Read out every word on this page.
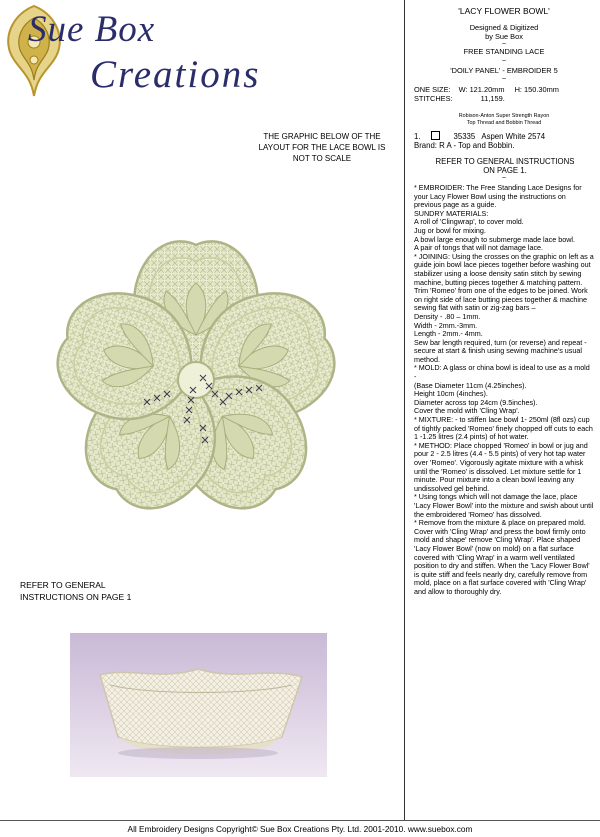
Sue Box
Creations
THE GRAPHIC BELOW OF THE LAYOUT FOR THE LACE BOWL IS NOT TO SCALE
REFER TO GENERAL INSTRUCTIONS ON PAGE 1
'LACY FLOWER BOWL'
Designed & Digitized
by Sue Box
~
FREE STANDING LACE
~
'DOILY PANEL' - EMBROIDER 5
~
ONE SIZE: W: 121.20mm H: 150.30mm
STITCHES:	11,159.
Robison-Anton Super Strength Rayon
Top Thread and Bobbin Thread
1.	35335 Aspen White 2574
Brand: R A - Top and Bobbin.
REFER TO GENERAL INSTRUCTIONS ON PAGE 1.
~

* EMBROIDER: The Free Standing Lace Designs for your Lacy Flower Bowl using the instructions on previous page as a guide.

SUNDRY MATERIALS:

A roll of 'Clingwrap', to cover mold.

Jug or bowl for mixing.

A bowl large enough to submerge made lace bowl.

A pair of tongs that will not damage lace.

* JOINING: Using the crosses on the graphic on left as a guide join bowl lace pieces together before washing out stabilizer using a loose density satin stitch by sewing machine, butting pieces together & matching pattern. Trim 'Romeo' from one of the edges to be joined. Work on right side of lace butting pieces together & machine sewing flat with satin or zig-zag bars –

Density - .80 – 1mm.

Width - 2mm.-3mm.

Length - 2mm.- 4mm.

Sew bar length required, turn (or reverse) and repeat - secure at start & finish using sewing machine's usual method.

* MOLD: A glass or china bowl is ideal to use as a mold -

(Base Diameter 11cm (4.25inches).

Height 10cm (4inches).

Diameter across top 24cm (9.5inches).

Cover the mold with 'Cling Wrap'.

* MIXTURE: - to stiffen lace bowl 1- 250ml (8fl ozs) cup of tightly packed 'Romeo' finely chopped off cuts to each 1 -1.25 litres (2.4 pints) of hot water.

* METHOD: Place chopped 'Romeo' in bowl or jug and pour 2 - 2.5 litres (4.4 - 5.5 pints) of very hot tap water over 'Romeo'. Vigorously agitate mixture with a whisk until the 'Romeo' is dissolved. Let mixture settle for 1 minute. Pour mixture into a clean bowl leaving any undissolved gel behind.

* Using tongs which will not damage the lace, place 'Lacy Flower Bowl' into the mixture and swish about until the embroidered 'Romeo' has dissolved.

* Remove from the mixture & place on prepared mold. Cover with 'Cling Wrap' and press the bowl firmly onto mold and shape' remove 'Cling Wrap'. Place shaped 'Lacy Flower Bowl' (now on mold) on a flat surface covered with 'Cling Wrap' in a warm well ventilated position to dry and stiffen. When the 'Lacy Flower Bowl' is quite stiff and feels nearly dry, carefully remove from mold, place on a flat surface covered with 'Cling Wrap' and allow to thoroughly dry.

All Embroidery Designs Copyright© Sue Box Creations Pty. Ltd. 2001-2010. www.suebox.com
